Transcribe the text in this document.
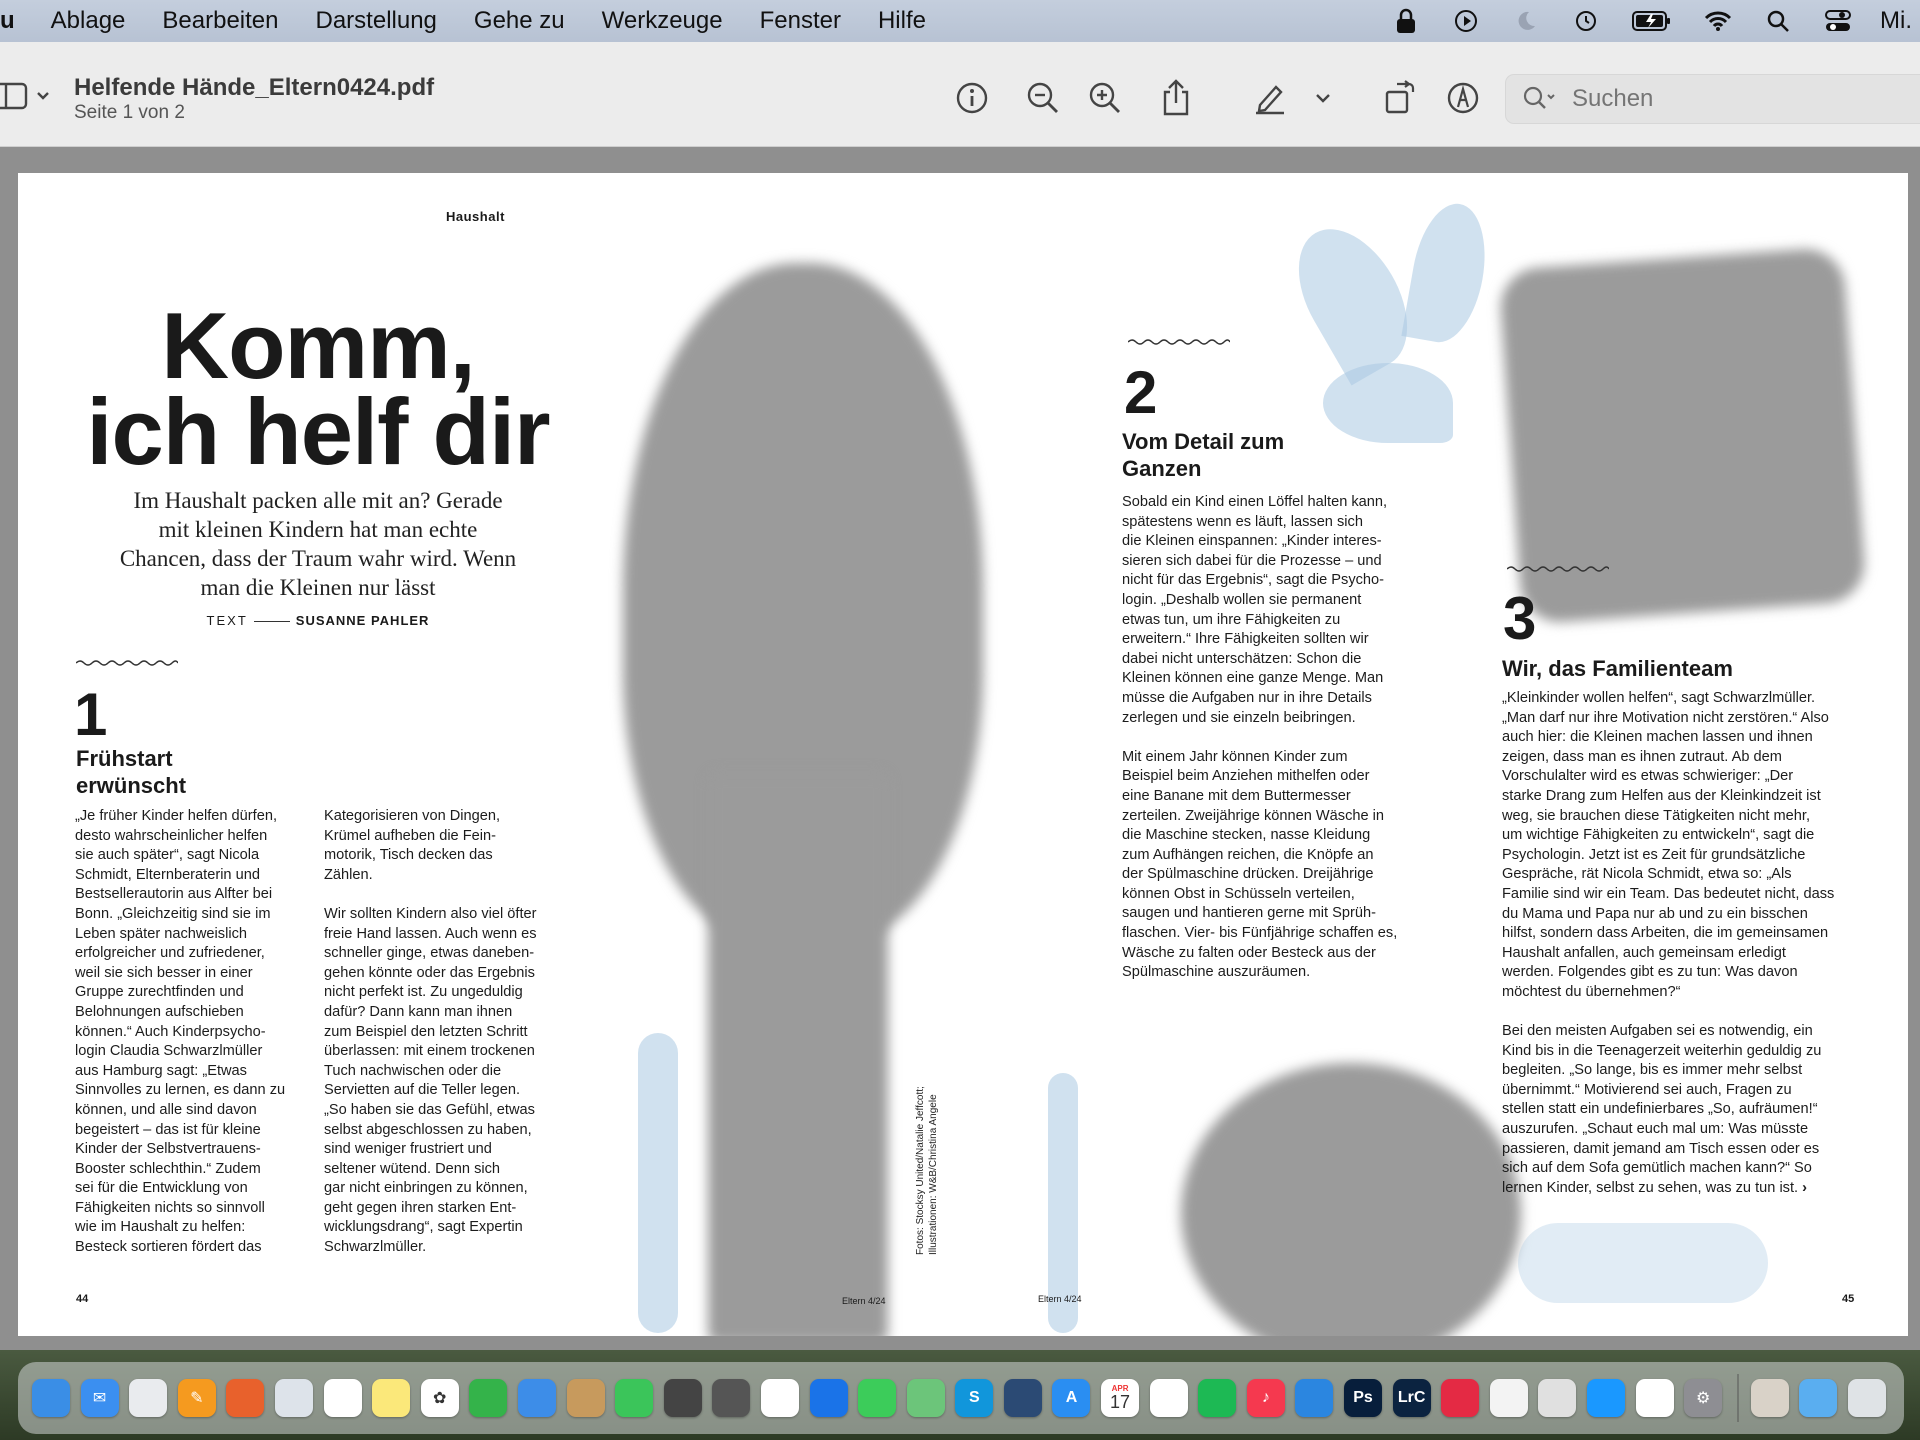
u Ablage Bearbeiten Darstellung Gehe zu Werkzeuge Fenster Hilfe	Mi.
Helfende Hände_Eltern0424.pdf
Seite 1 von 2
Suchen
Haushalt
Komm,
ich helf dir
Im Haushalt packen alle mit an? Gerade mit kleinen Kindern hat man echte Chancen, dass der Traum wahr wird. Wenn man die Kleinen nur lässt
TEXT	SUSANNE PAHLER
1
Frühstart erwünscht
„Je früher Kinder helfen dürfen,
desto wahrscheinlicher helfen
sie auch später“, sagt Nicola
Schmidt, Elternberaterin und
Bestsellerautorin aus Alfter bei
Bonn. „Gleichzeitig sind sie im
Leben später nachweislich
erfolgreicher und zufriedener,
weil sie sich besser in einer
Gruppe zurechtfinden und
Belohnungen aufschieben
können.“ Auch Kinderpsycho-
login Claudia Schwarzlmüller
aus Hamburg sagt: „Etwas
Sinnvolles zu lernen, es dann zu
können, und alle sind davon
begeistert – das ist für kleine
Kinder der Selbstvertrauens-
Booster schlechthin.“ Zudem
sei für die Entwicklung von
Fähigkeiten nichts so sinnvoll
wie im Haushalt zu helfen:
Besteck sortieren fördert das
Kategorisieren von Dingen,
Krümel aufheben die Fein-
motorik, Tisch decken das
Zählen.

Wir sollten Kindern also viel öfter
freie Hand lassen. Auch wenn es
schneller ginge, etwas daneben-
gehen könnte oder das Ergebnis
nicht perfekt ist. Zu ungeduldig
dafür? Dann kann man ihnen
zum Beispiel den letzten Schritt
überlassen: mit einem trockenen
Tuch nachwischen oder die
Servietten auf die Teller legen.
„So haben sie das Gefühl, etwas
selbst abgeschlossen zu haben,
sind weniger frustriert und
seltener wütend. Denn sich
gar nicht einbringen zu können,
geht gegen ihren starken Ent-
wicklungsdrang“, sagt Expertin
Schwarzlmüller.	Fotos: Stocksy United/Natalie Jeffcott;
Illustrationen: W&B/Christina Angele
44	Eltern 4/24
2
Vom Detail zum Ganzen
Sobald ein Kind einen Löffel halten kann,
spätestens wenn es läuft, lassen sich
die Kleinen einspannen: „Kinder interes-
sieren sich dabei für die Prozesse – und
nicht für das Ergebnis“, sagt die Psycho-
login. „Deshalb wollen sie permanent
etwas tun, um ihre Fähigkeiten zu
erweitern.“ Ihre Fähigkeiten sollten wir
dabei nicht unterschätzen: Schon die
Kleinen können eine ganze Menge. Man
müsse die Aufgaben nur in ihre Details
zerlegen und sie einzeln beibringen.

Mit einem Jahr können Kinder zum
Beispiel beim Anziehen mithelfen oder
eine Banane mit dem Buttermesser
zerteilen. Zweijährige können Wäsche in
die Maschine stecken, nasse Kleidung
zum Aufhängen reichen, die Knöpfe an
der Spülmaschine drücken. Dreijährige
können Obst in Schüsseln verteilen,
saugen und hantieren gerne mit Sprüh-
flaschen. Vier- bis Fünfjährige schaffen es,
Wäsche zu falten oder Besteck aus der
Spülmaschine auszuräumen.
3
Wir, das Familienteam
„Kleinkinder wollen helfen“, sagt Schwarzlmüller.
„Man darf nur ihre Motivation nicht zerstören.“ Also
auch hier: die Kleinen machen lassen und ihnen
zeigen, dass man es ihnen zutraut. Ab dem
Vorschulalter wird es etwas schwieriger: „Der
starke Drang zum Helfen aus der Kleinkindzeit ist
weg, sie brauchen diese Tätigkeiten nicht mehr,
um wichtige Fähigkeiten zu entwickeln“, sagt die
Psychologin. Jetzt ist es Zeit für grundsätzliche
Gespräche, rät Nicola Schmidt, etwa so: „Als
Familie sind wir ein Team. Das bedeutet nicht, dass
du Mama und Papa nur ab und zu ein bisschen
hilfst, sondern dass Arbeiten, die im gemeinsamen
Haushalt anfallen, auch gemeinsam erledigt
werden. Folgendes gibt es zu tun: Was davon
möchtest du übernehmen?“

Bei den meisten Aufgaben sei es notwendig, ein
Kind bis in die Teenagerzeit weiterhin geduldig zu
begleiten. „So lange, bis es immer mehr selbst
übernimmt.“ Motivierend sei auch, Fragen zu
stellen statt ein undefinierbares „So, aufräumen!“
auszurufen. „Schaut euch mal um: Was müsste
passieren, damit jemand am Tisch essen oder es
sich auf dem Sofa gemütlich machen kann?“ So
lernen Kinder, selbst zu sehen, was zu tun ist. ›
Eltern 4/24	45
✉	✎	✿	S	A
APR
17	♪	Ps	LrC	⚙
